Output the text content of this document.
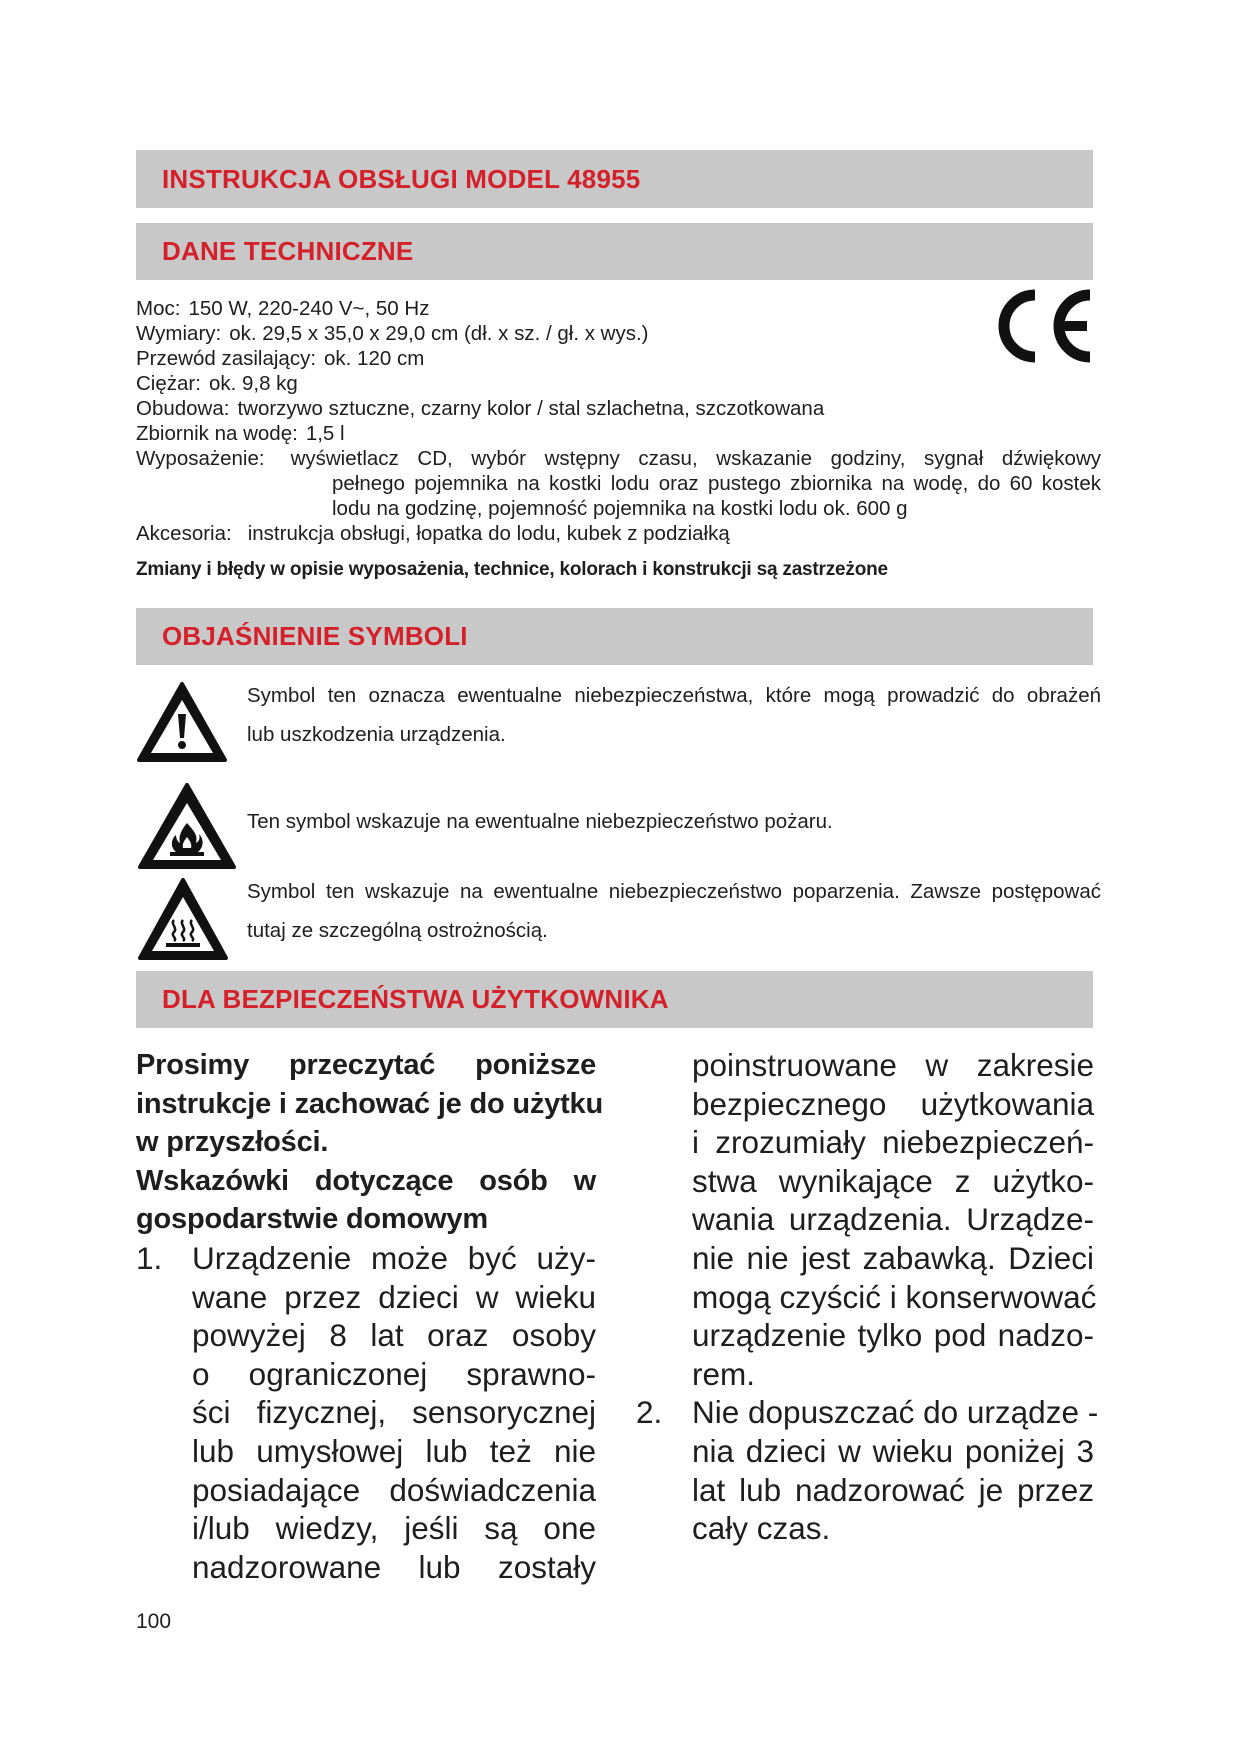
INSTRUKCJA OBSŁUGI MODEL 48955
DANE TECHNICZNE
Moc: 150 W, 220-240 V~, 50 Hz
Wymiary: ok. 29,5 x 35,0 x 29,0 cm (dł. x sz. / gł. x wys.)
Przewód zasilający: ok. 120 cm
Ciężar: ok. 9,8 kg
Obudowa: tworzywo sztuczne, czarny kolor / stal szlachetna, szczotkowana
Zbiornik na wodę: 1,5 l
Wyposażenie: wyświetlacz CD, wybór wstępny czasu, wskazanie godziny, sygnał dźwiękowy
pełnego pojemnika na kostki lodu oraz pustego zbiornika na wodę, do 60 kostek
lodu na godzinę, pojemność pojemnika na kostki lodu ok. 600 g
Akcesoria: instrukcja obsługi, łopatka do lodu, kubek z podziałką
Zmiany i błędy w opisie wyposażenia, technice, kolorach i konstrukcji są zastrzeżone
OBJAŚNIENIE SYMBOLI
Symbol ten oznacza ewentualne niebezpieczeństwa, które mogą prowadzić do obrażeń
lub uszkodzenia urządzenia.
Ten symbol wskazuje na ewentualne niebezpieczeństwo pożaru.
Symbol ten wskazuje na ewentualne niebezpieczeństwo poparzenia. Zawsze postępować
tutaj ze szczególną ostrożnością.
DLA BEZPIECZEŃSTWA UŻYTKOWNIKA
Prosimy przeczytać poniższe
instrukcje i zachować je do użytku
w przyszłości.
Wskazówki dotyczące osób w
gospodarstwie domowym
1. Urządzenie może być uży-
wane przez dzieci w wieku
powyżej 8 lat oraz osoby
o ograniczonej sprawno-
ści fizycznej, sensorycznej
lub umysłowej lub też nie
posiadające doświadczenia
i/lub wiedzy, jeśli są one
nadzorowane lub zostały
poinstruowane w zakresie
bezpiecznego użytkowania
i zrozumiały niebezpieczeń-
stwa wynikające z użytko-
wania urządzenia. Urządze-
nie nie jest zabawką. Dzieci
mogą czyścić i konserwować
urządzenie tylko pod nadzo-
rem.
2. Nie dopuszczać do urządze -
nia dzieci w wieku poniżej 3
lat lub nadzorować je przez
cały czas.
100
